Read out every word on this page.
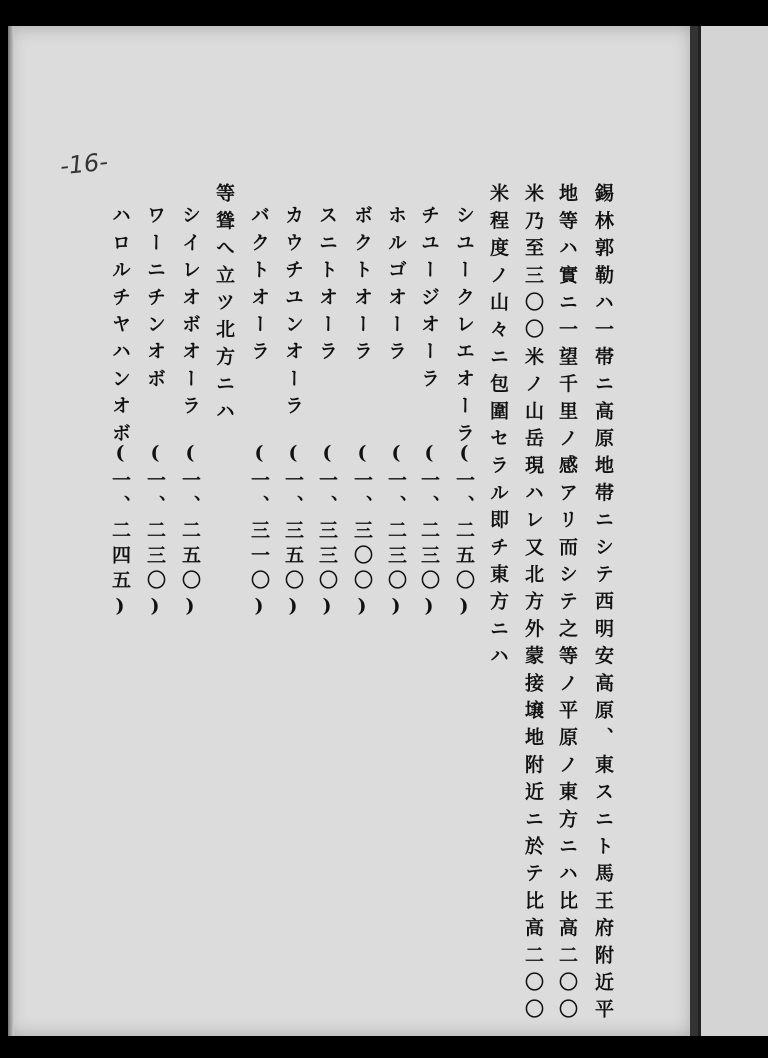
-16-
錫林郭勒ハ一帯ニ高原地帯ニシテ西明安高原、東スニト馬王府附近平
地等ハ實ニ一望千里ノ感アリ而シテ之等ノ平原ノ東方ニハ比高二〇〇
米乃至三〇〇米ノ山岳現ハレ又北方外蒙接壌地附近ニ於テ比高二〇〇
米程度ノ山々ニ包圍セラル即チ東方ニハ
シユークレエオーラ
(一、二五〇)
チユージオーラ
(一、二三〇)
ホルゴオーラ
(一、二三〇)
ボクトオーラ
(一、三〇〇)
スニトオーラ
(一、三三〇)
カウチユンオーラ
(一、三五〇)
バクトオーラ
(一、三一〇)
等聳へ立ツ北方ニハ
シイレオボオーラ
(一、二五〇)
ワーニチンオボ
(一、二三〇)
ハロルチヤハンオボ
(一、二四五)
